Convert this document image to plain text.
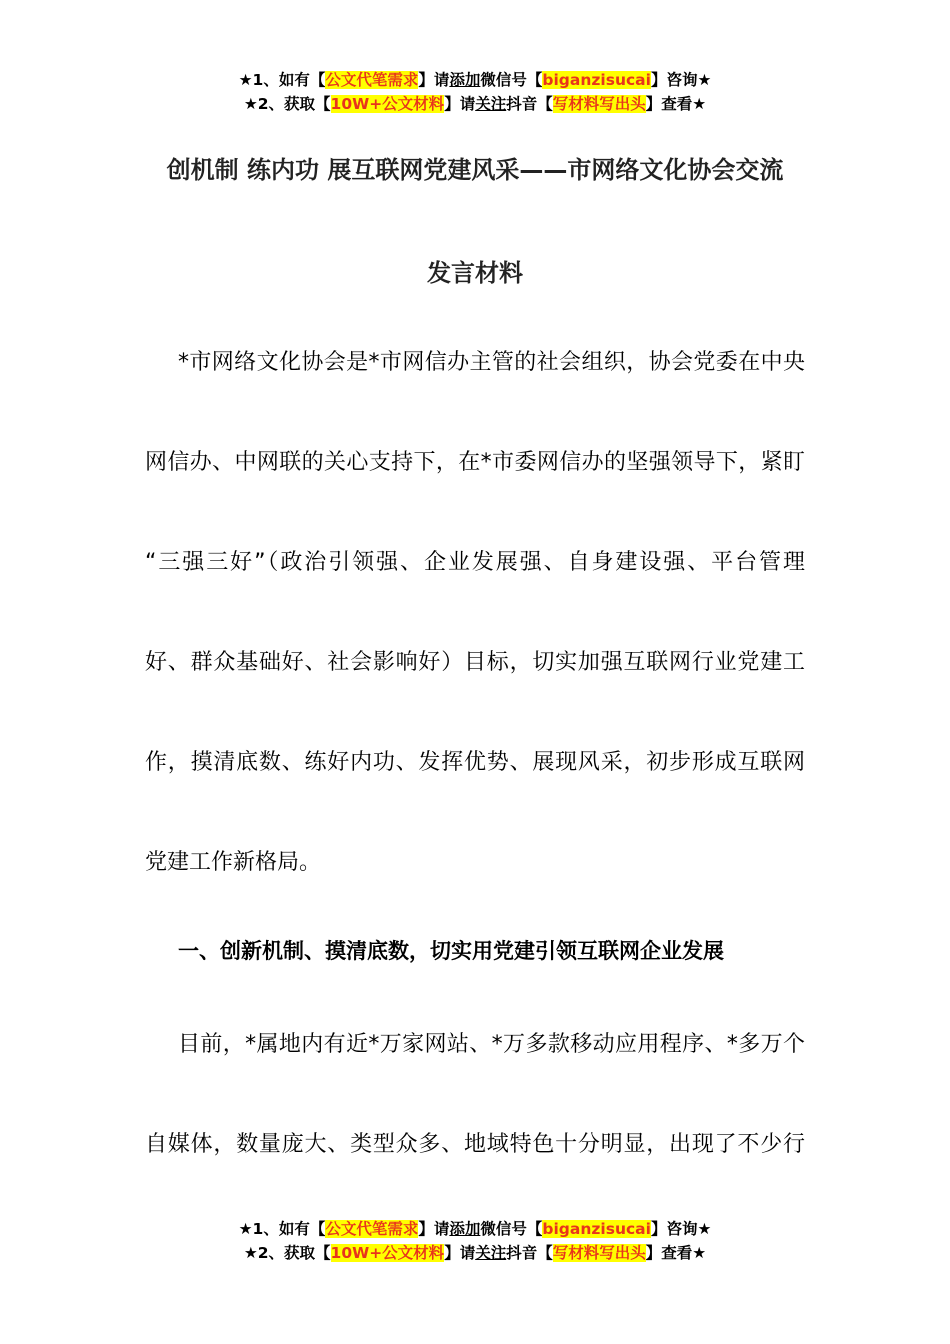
★1、如有【公文代笔需求】请添加微信号【biganzisucai】咨询★
★2、获取【10W+公文材料】请关注抖音【写材料写出头】查看★
创机制 练内功 展互联网党建风采——市网络文化协会交流
发言材料
*市网络文化协会是*市网信办主管的社会组织，协会党委在中央
网信办、中网联的关心支持下，在*市委网信办的坚强领导下，紧盯
“三强三好”（政治引领强、企业发展强、自身建设强、平台管理
好、群众基础好、社会影响好）目标，切实加强互联网行业党建工
作，摸清底数、练好内功、发挥优势、展现风采，初步形成互联网
党建工作新格局。
一、创新机制、摸清底数，切实用党建引领互联网企业发展
目前，*属地内有近*万家网站、*万多款移动应用程序、*多万个
自媒体，数量庞大、类型众多、地域特色十分明显，出现了不少行
★1、如有【公文代笔需求】请添加微信号【biganzisucai】咨询★
★2、获取【10W+公文材料】请关注抖音【写材料写出头】查看★
